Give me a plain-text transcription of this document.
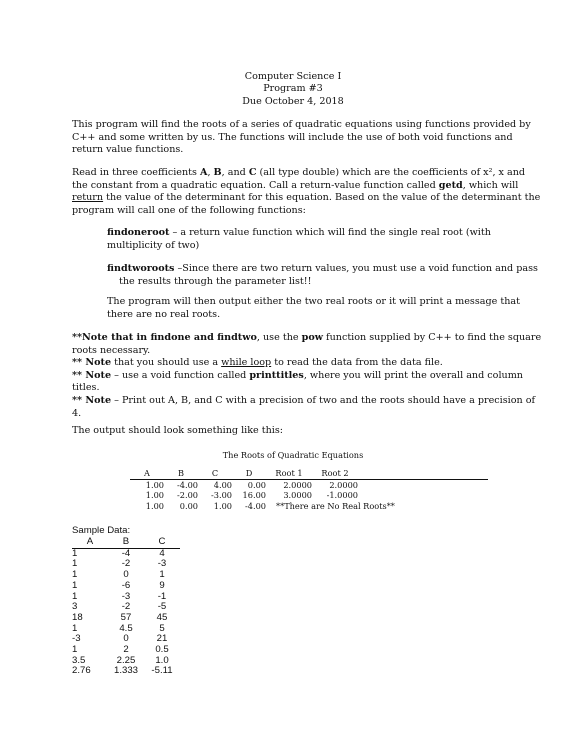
Computer Science I
Program #3
Due October 4, 2018
This program will find the roots of a series of quadratic equations using functions provided by C++ and some written by us. The functions will include the use of both void functions and return value functions.
Read in three coefficients A, B, and C (all type double) which are the coefficients of x², x and the constant from a quadratic equation. Call a return-value function called getd, which will return the value of the determinant for this equation. Based on the value of the determinant the program will call one of the following functions:
findoneroot – a return value function which will find the single real root (with multiplicity of two)
findtworoots –Since there are two return values, you must use a void function and pass the results through the parameter list!!
The program will then output either the two real roots or it will print a message that there are no real roots.
**Note that in findone and findtwo, use the pow function supplied by C++ to find the square roots necessary.
** Note that you should use a while loop to read the data from the data file.
** Note – use a void function called printtitles, where you will print the overall and column titles.
** Note – Print out A, B, and C with a precision of two and the roots should have a precision of 4.
The output should look something like this:
The Roots of Quadratic Equations
A	B	C	D	Root 1	Root 2	
1.00	-4.00	4.00	0.00	2.0000	2.0000	
1.00	-2.00	-3.00	16.00	3.0000	-1.0000	
1.00	0.00	1.00	-4.00	**There are No Real Roots**		
Sample Data:
A	B	C
1	-4	4
1	-2	-3
1	0	1
1	-6	9
1	-3	-1
3	-2	-5
18	57	45
1	4.5	5
-3	0	21
1	2	0.5
3.5	2.25	1.0
2.76	1.333	-5.11
